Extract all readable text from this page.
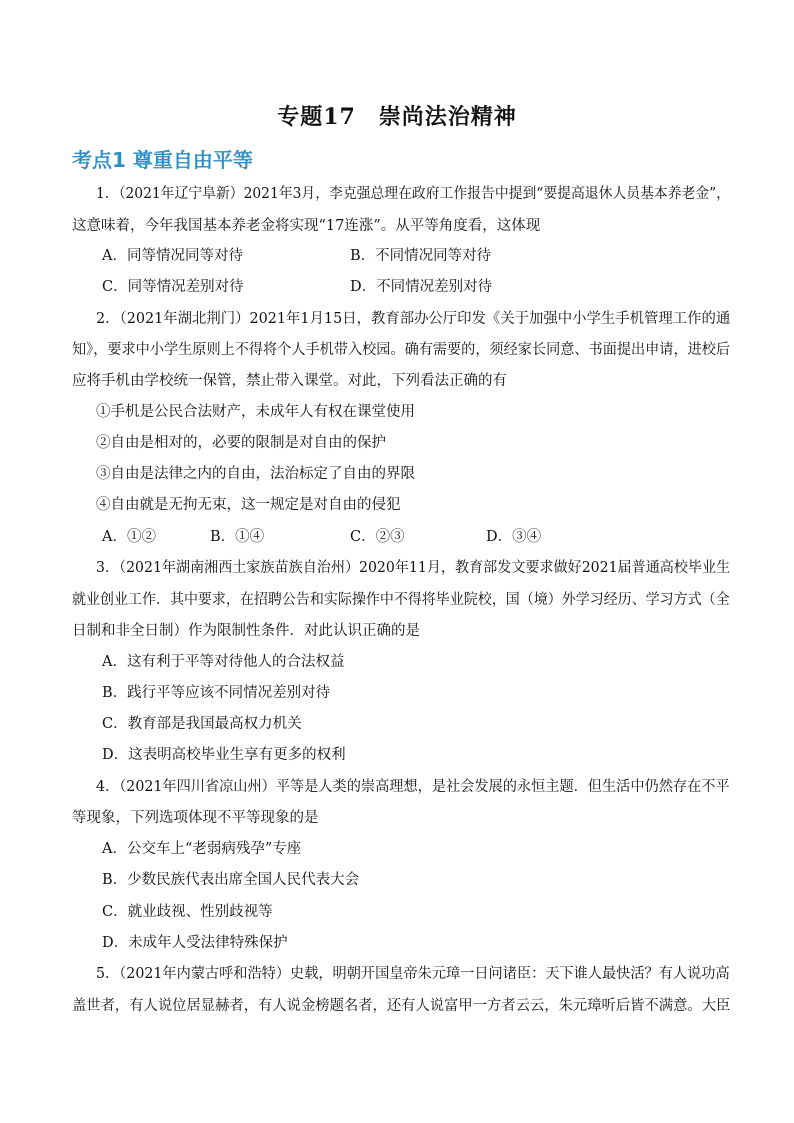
专题17　崇尚法治精神
考点1 尊重自由平等
1．（2021年辽宁阜新）2021年3月，李克强总理在政府工作报告中提到“要提高退休人员基本养老金”，
这意味着，今年我国基本养老金将实现“17连涨”。从平等角度看，这体现
A．同等情况同等对待	B．不同情况同等对待
C．同等情况差别对待	D．不同情况差别对待
2．（2021年湖北荆门）2021年1月15日，教育部办公厅印发《关于加强中小学生手机管理工作的通
知》，要求中小学生原则上不得将个人手机带入校园。确有需要的，须经家长同意、书面提出申请，进校后
应将手机由学校统一保管，禁止带入课堂。对此，下列看法正确的有
①手机是公民合法财产，未成年人有权在课堂使用
②自由是相对的，必要的限制是对自由的保护
③自由是法律之内的自由，法治标定了自由的界限
④自由就是无拘无束，这一规定是对自由的侵犯
A．①②	B．①④	C．②③	D．③④
3．（2021年湖南湘西土家族苗族自治州）2020年11月，教育部发文要求做好2021届普通高校毕业生
就业创业工作．其中要求，在招聘公告和实际操作中不得将毕业院校，国（境）外学习经历、学习方式（全
日制和非全日制）作为限制性条件．对此认识正确的是
A．这有利于平等对待他人的合法权益
B．践行平等应该不同情况差别对待
C．教育部是我国最高权力机关
D．这表明高校毕业生享有更多的权利
4．（2021年四川省凉山州）平等是人类的崇高理想，是社会发展的永恒主题．但生活中仍然存在不平
等现象，下列选项体现不平等现象的是
A．公交车上“老弱病残孕”专座
B．少数民族代表出席全国人民代表大会
C．就业歧视、性别歧视等
D．未成年人受法律特殊保护
5．（2021年内蒙古呼和浩特）史载，明朝开国皇帝朱元璋一日问诸臣：天下谁人最快活？有人说功高
盖世者，有人说位居显赫者，有人说金榜题名者，还有人说富甲一方者云云，朱元璋听后皆不满意。大臣
